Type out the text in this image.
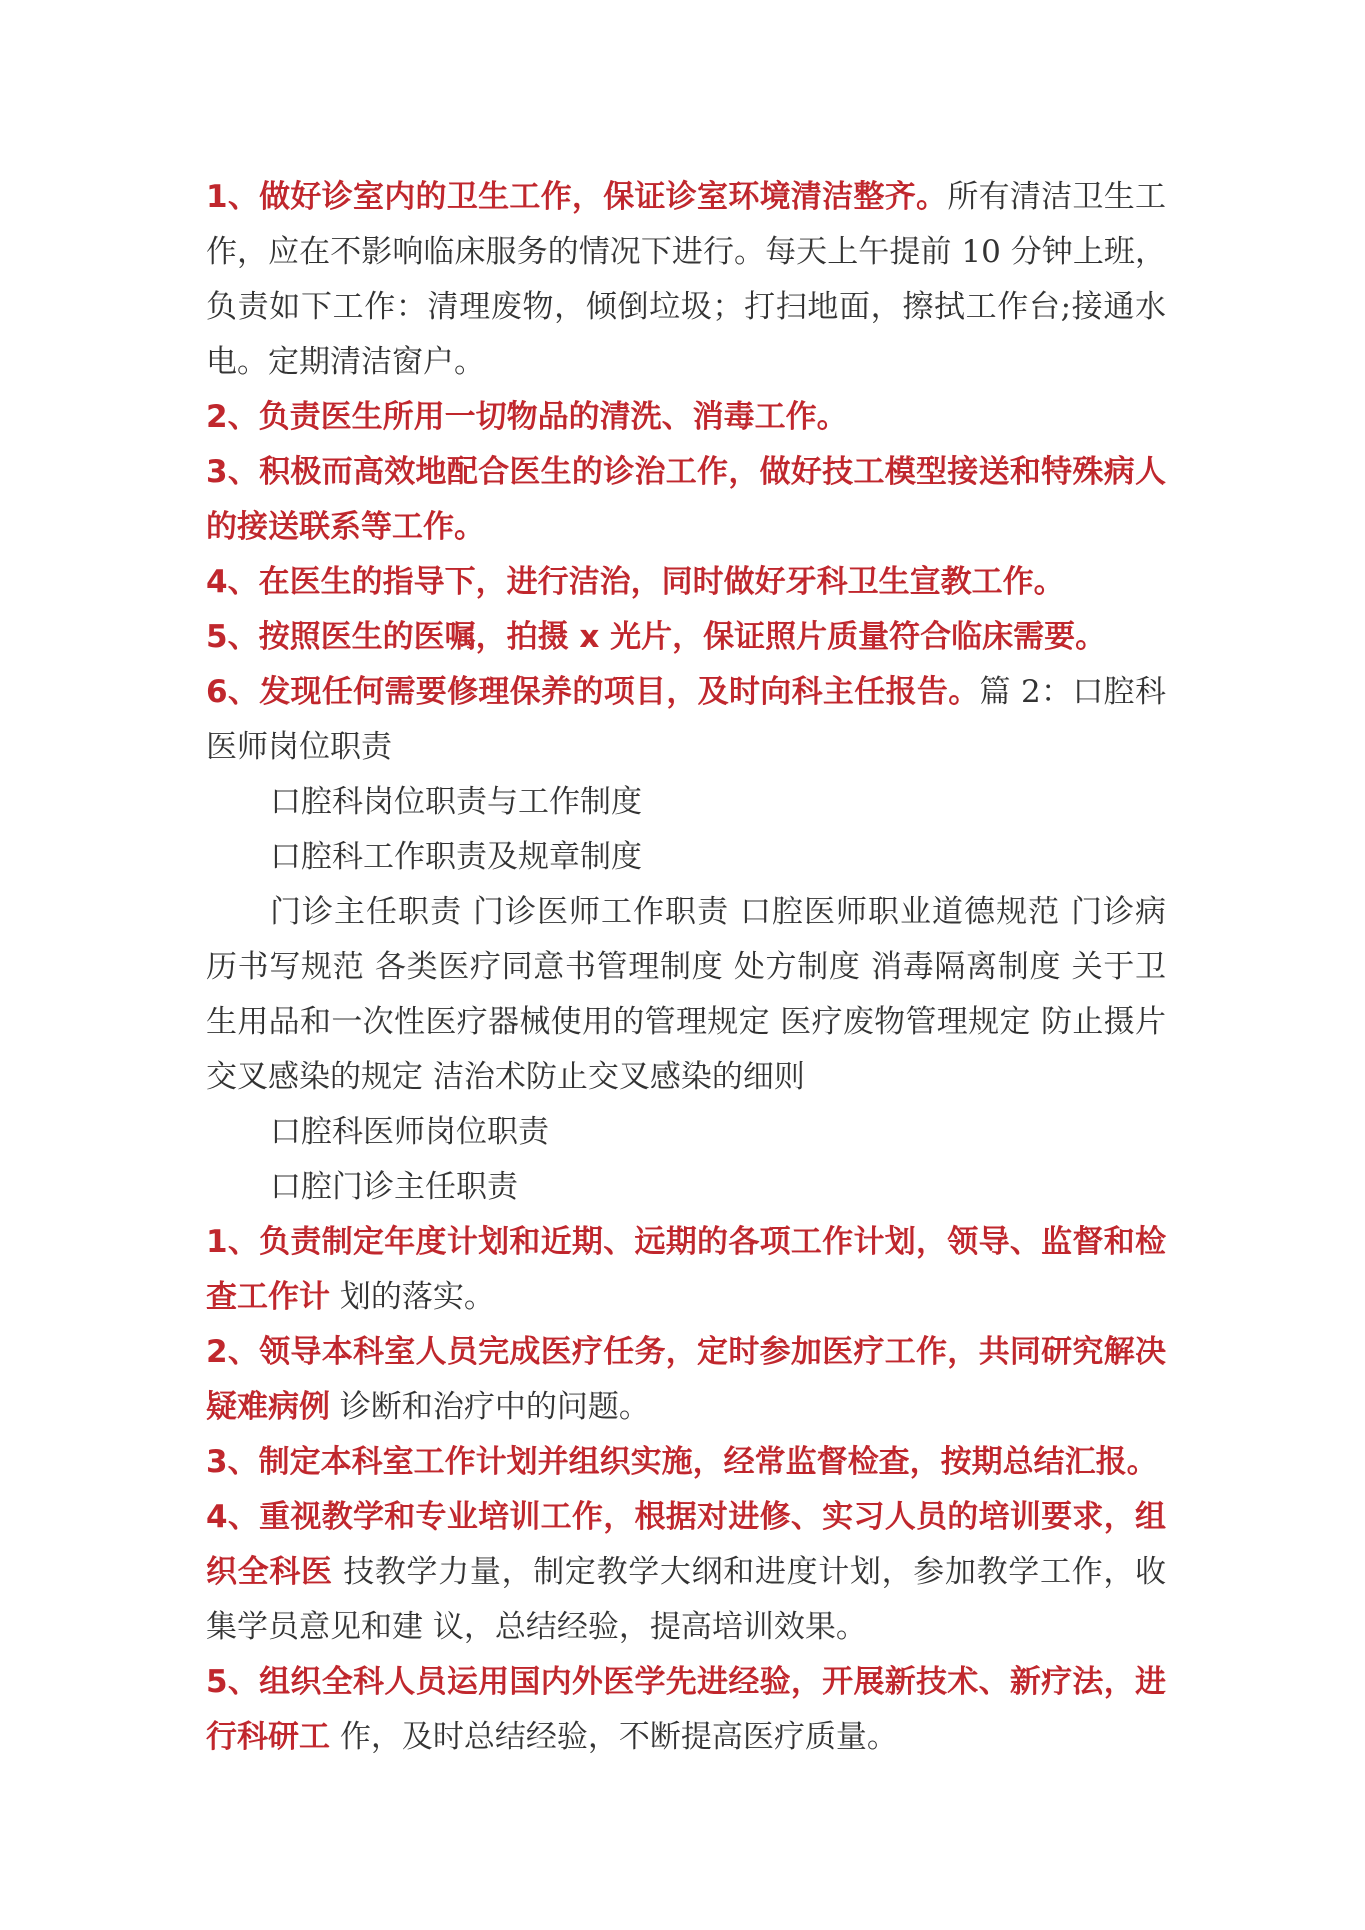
1、做好诊室内的卫生工作，保证诊室环境清洁整齐。所有清洁卫生工作，应在不影响临床服务的情况下进行。每天上午提前 10 分钟上班，负责如下工作：清理废物，倾倒垃圾；打扫地面，擦拭工作台;接通水电。定期清洁窗户。

2、负责医生所用一切物品的清洗、消毒工作。

3、积极而高效地配合医生的诊治工作，做好技工模型接送和特殊病人的接送联系等工作。

4、在医生的指导下，进行洁治，同时做好牙科卫生宣教工作。

5、按照医生的医嘱，拍摄 x 光片，保证照片质量符合临床需要。

6、发现任何需要修理保养的项目，及时向科主任报告。篇 2：口腔科医师岗位职责

口腔科岗位职责与工作制度

口腔科工作职责及规章制度

门诊主任职责 门诊医师工作职责 口腔医师职业道德规范 门诊病历书写规范 各类医疗同意书管理制度 处方制度 消毒隔离制度 关于卫生用品和一次性医疗器械使用的管理规定 医疗废物管理规定 防止摄片交叉感染的规定 洁治术防止交叉感染的细则

口腔科医师岗位职责

口腔门诊主任职责

1、负责制定年度计划和近期、远期的各项工作计划，领导、监督和检查工作计 划的落实。

2、领导本科室人员完成医疗任务，定时参加医疗工作，共同研究解决疑难病例 诊断和治疗中的问题。

3、制定本科室工作计划并组织实施，经常监督检查，按期总结汇报。

4、重视教学和专业培训工作，根据对进修、实习人员的培训要求，组织全科医 技教学力量，制定教学大纲和进度计划，参加教学工作，收集学员意见和建 议，总结经验，提高培训效果。

5、组织全科人员运用国内外医学先进经验，开展新技术、新疗法，进行科研工 作，及时总结经验，不断提高医疗质量。
